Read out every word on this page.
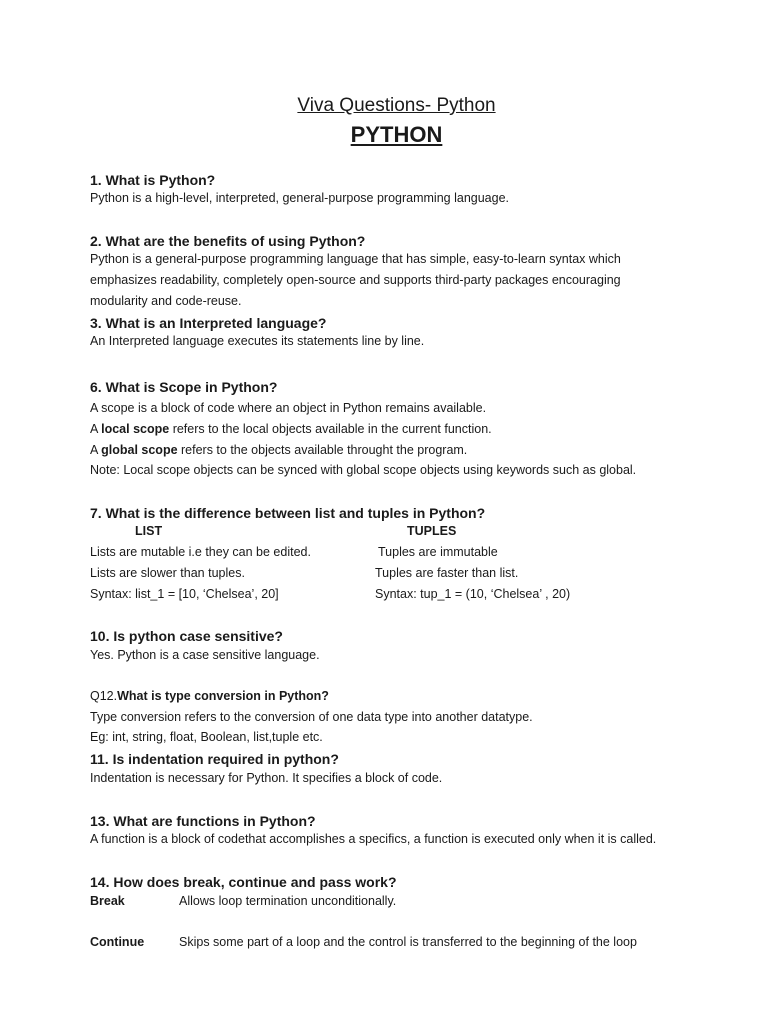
Viva Questions- Python
PYTHON
1. What is Python?
Python is a high-level, interpreted, general-purpose programming language.
2. What are the benefits of using Python?
Python is a general-purpose programming language that has simple, easy-to-learn syntax which
emphasizes readability, completely open-source and supports third-party packages encouraging
modularity and code-reuse.
3. What is an Interpreted language?
An Interpreted language executes its statements line by line.
6. What is Scope in Python?
A scope is a block of code where an object in Python remains available.
A local scope refers to the local objects available in the current function.
A global scope refers to the objects available throught the program.
Note: Local scope objects can be synced with global scope objects using keywords such as global.
7. What is the difference between list and tuples in Python?
LIST	TUPLES
Lists are mutable i.e they can be edited.	Tuples are immutable
Lists are slower than tuples.	Tuples are faster than list.
Syntax: list_1 = [10, ‘Chelsea’, 20]	Syntax: tup_1 = (10, ‘Chelsea’ , 20)
10. Is python case sensitive?
Yes. Python is a case sensitive language.
Q12.What is type conversion in Python?
Type conversion refers to the conversion of one data type into another datatype.
Eg: int, string, float, Boolean, list,tuple etc.
11. Is indentation required in python?
Indentation is necessary for Python. It specifies a block of code.
13. What are functions in Python?
A function is a block of codethat accomplishes a specifics, a function is executed only when it is called.
14. How does break, continue and pass work?
Break	Allows loop termination unconditionally.
Continue	Skips some part of a loop and the control is transferred to the beginning of the loop
